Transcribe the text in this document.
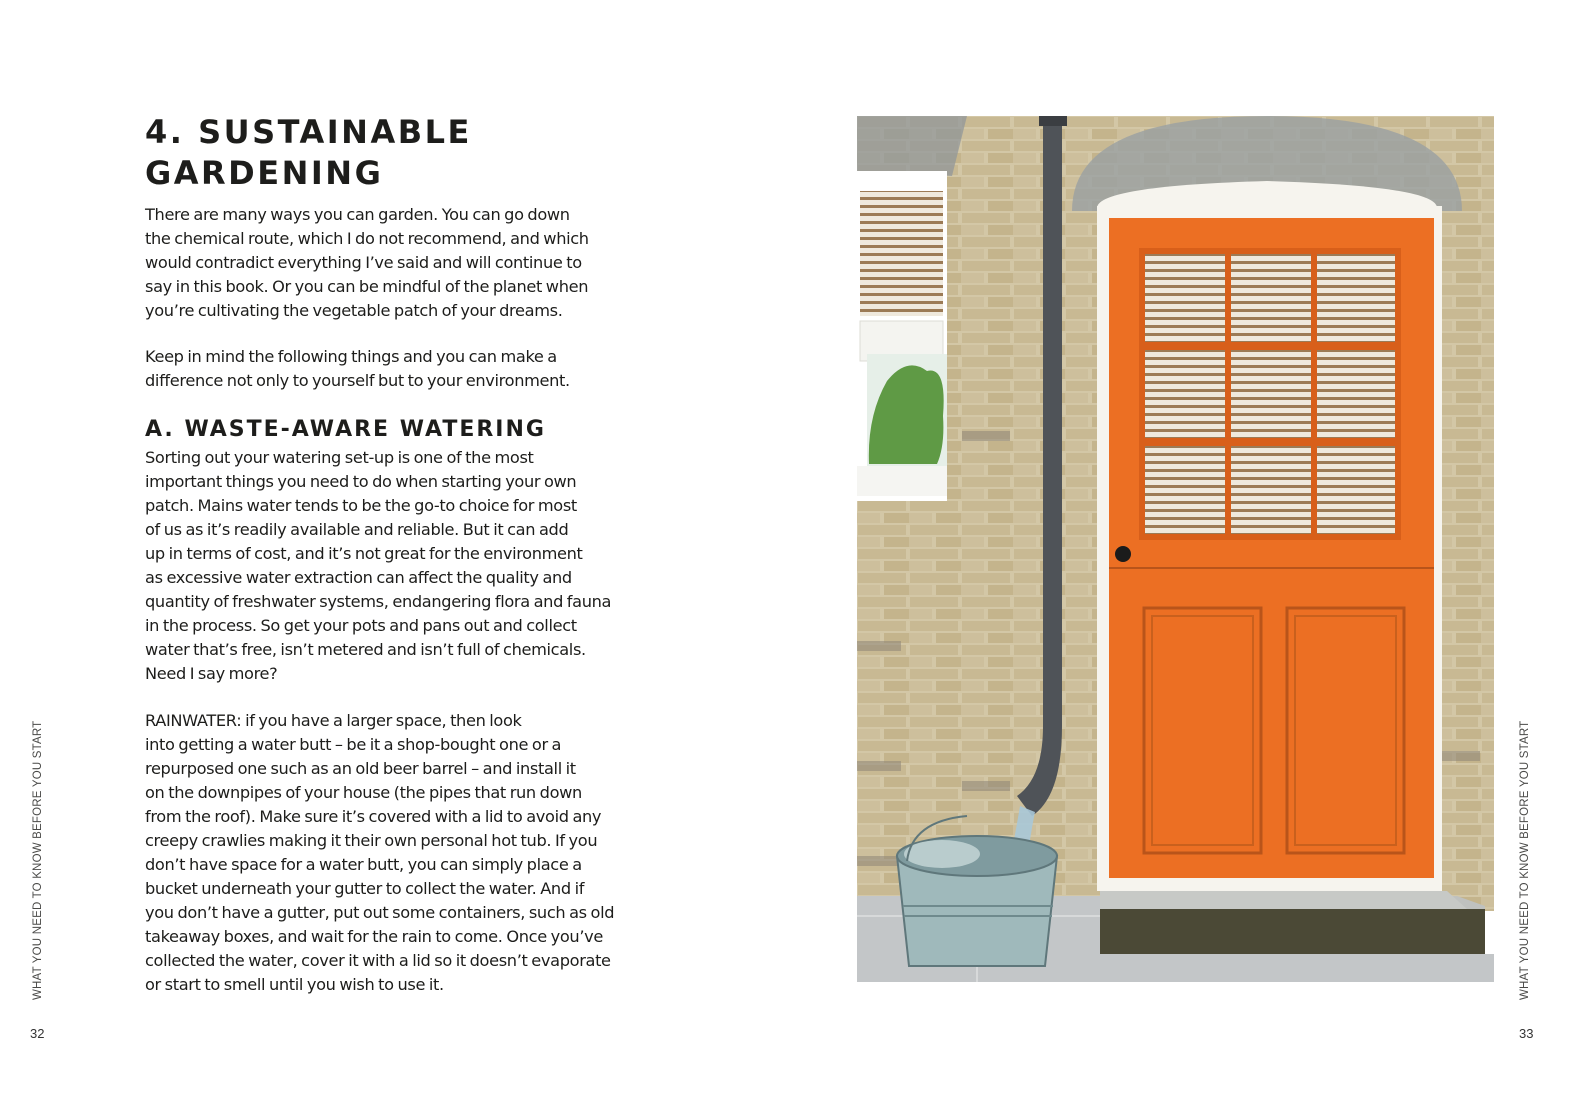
4. SUSTAINABLE
GARDENING

There are many ways you can garden. You can go down
the chemical route, which I do not recommend, and which
would contradict everything I’ve said and will continue to
say in this book. Or you can be mindful of the planet when
you’re cultivating the vegetable patch of your dreams.

Keep in mind the following things and you can make a
difference not only to yourself but to your environment.

A. WASTE-AWARE WATERING

Sorting out your watering set-up is one of the most
important things you need to do when starting your own
patch. Mains water tends to be the go-to choice for most
of us as it’s readily available and reliable. But it can add
up in terms of cost, and it’s not great for the environment
as excessive water extraction can affect the quality and
quantity of freshwater systems, endangering flora and fauna
in the process. So get your pots and pans out and collect
water that’s free, isn’t metered and isn’t full of chemicals.
Need I say more?

RAINWATER: if you have a larger space, then look
into getting a water butt – be it a shop-bought one or a
repurposed one such as an old beer barrel – and install it
on the downpipes of your house (the pipes that run down
from the roof). Make sure it’s covered with a lid to avoid any
creepy crawlies making it their own personal hot tub. If you
don’t have space for a water butt, you can simply place a
bucket underneath your gutter to collect the water. And if
you don’t have a gutter, put out some containers, such as old
takeaway boxes, and wait for the rain to come. Once you’ve
collected the water, cover it with a lid so it doesn’t evaporate
or start to smell until you wish to use it.

WHAT YOU NEED TO KNOW BEFORE YOU START
32
WHAT YOU NEED TO KNOW BEFORE YOU START
33
